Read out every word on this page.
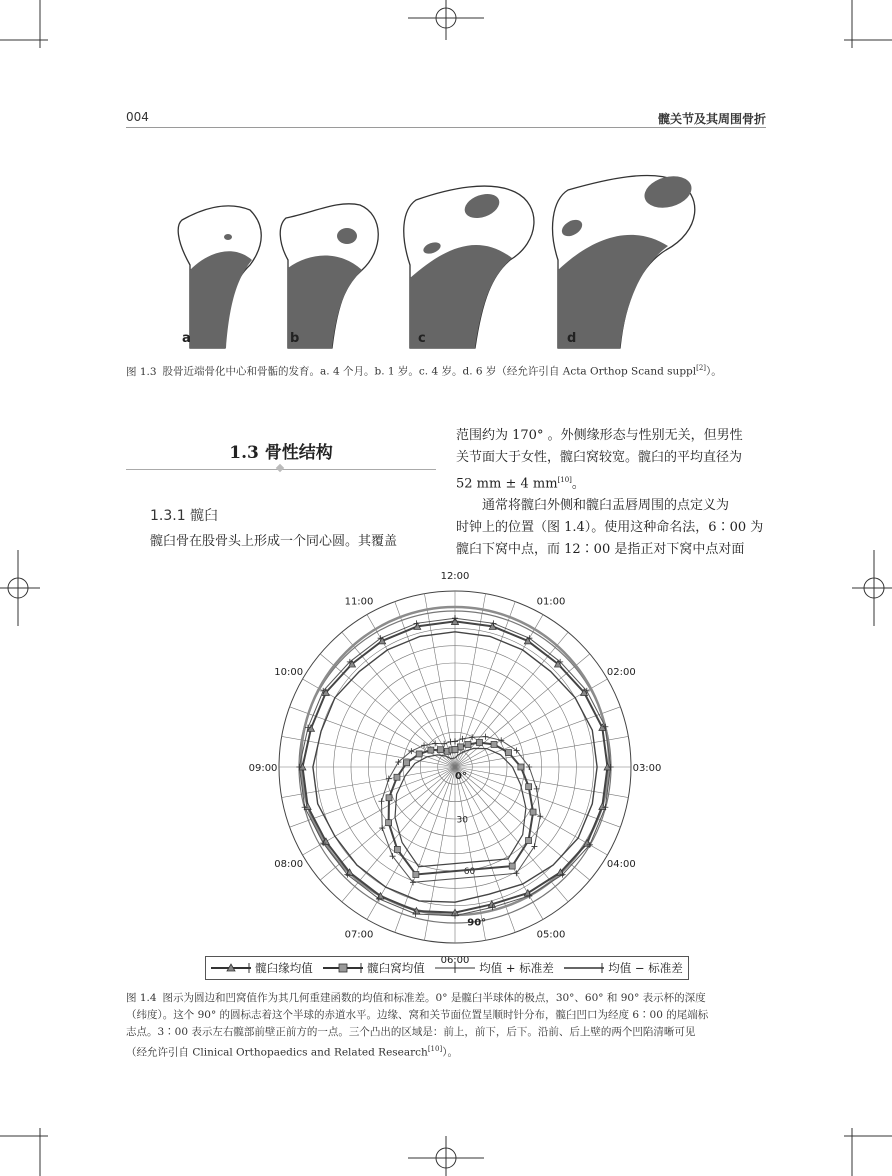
004	髋关节及其周围骨折
a	b	c	d
图 1.3 股骨近端骨化中心和骨骺的发育。a. 4 个月。b. 1 岁。c. 4 岁。d. 6 岁（经允许引自 Acta Orthop Scand suppl[2]）。
1.3 骨性结构
1.3.1 髋臼
髋臼骨在股骨头上形成一个同心圆。其覆盖
范围约为 170° 。外侧缘形态与性别无关，但男性
关节面大于女性，髋臼窝较宽。髋臼的平均直径为
52 mm ± 4 mm[10]。
通常将髋臼外侧和髋臼盂唇周围的点定义为
时钟上的位置（图 1.4）。使用这种命名法，6∶00 为
髋臼下窝中点，而 12∶00 是指正对下窝中点对面
12:00
01:00
02:00
03:00
04:00
05:00
06:00
07:00
08:00
09:00
10:00
11:00
0°
30
60
90°
髋臼缘均值	髋臼窝均值	均值 + 标准差	均值 − 标准差
图 1.4 图示为圆边和凹窝值作为其几何重建函数的均值和标准差。0° 是髋臼半球体的极点，30°、60° 和 90° 表示杯的深度
（纬度）。这个 90° 的圆标志着这个半球的赤道水平。边缘、窝和关节面位置呈顺时针分布，髋臼凹口为经度 6∶00 的尾端标
志点。3∶00 表示左右髋部前壁正前方的一点。三个凸出的区域是：前上，前下，后下。沿前、后上壁的两个凹陷清晰可见
（经允许引自 Clinical Orthopaedics and Related Research[10]）。
